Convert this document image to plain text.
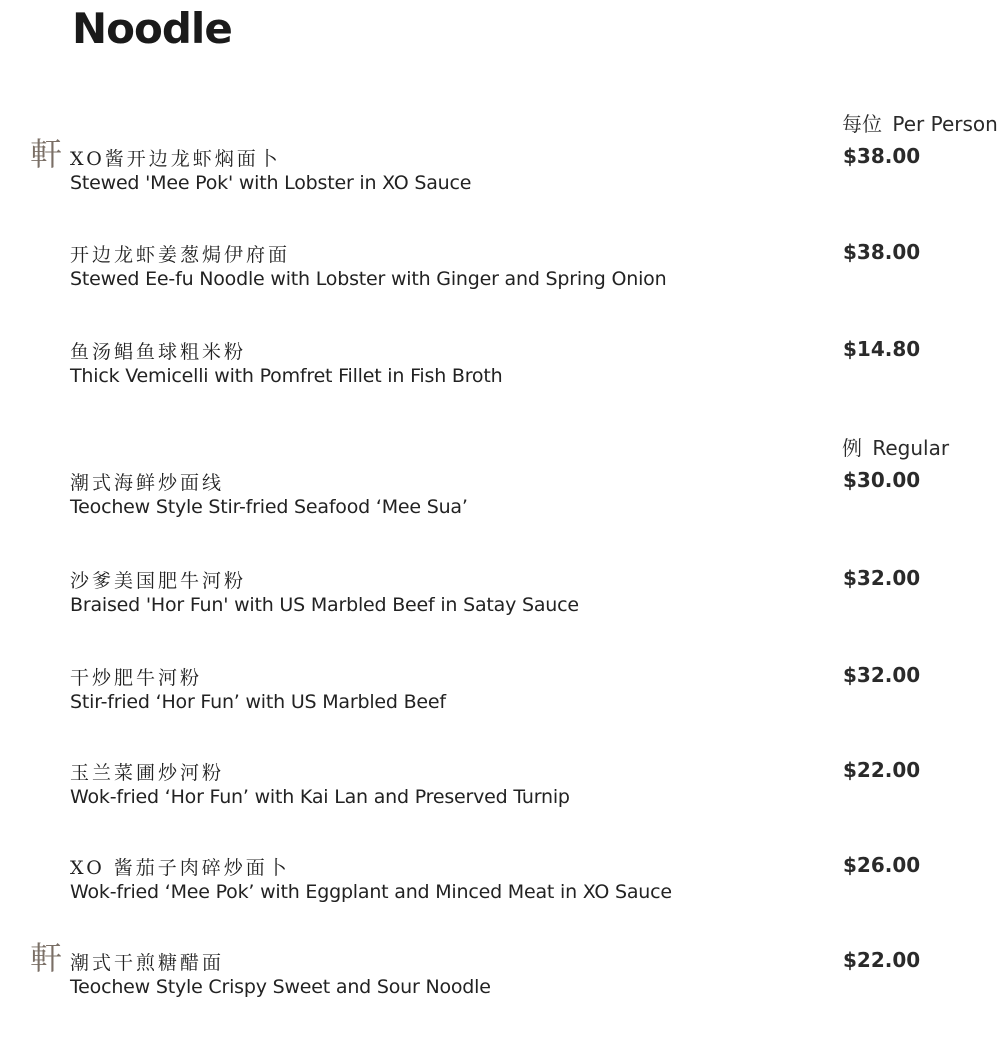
Noodle
每位 Per Person
例 Regular
軒 XO酱开边龙虾焖面卜
Stewed 'Mee Pok' with Lobster in XO Sauce
$38.00
开边龙虾姜葱焗伊府面
Stewed Ee-fu Noodle with Lobster with Ginger and Spring Onion
$38.00
鱼汤鲳鱼球粗米粉
Thick Vemicelli with Pomfret Fillet in Fish Broth
$14.80
潮式海鲜炒面线
Teochew Style Stir-fried Seafood ‘Mee Sua’
$30.00
沙爹美国肥牛河粉
Braised 'Hor Fun' with US Marbled Beef in Satay Sauce
$32.00
干炒肥牛河粉
Stir-fried ‘Hor Fun’ with US Marbled Beef
$32.00
玉兰菜圃炒河粉
Wok-fried ‘Hor Fun’ with Kai Lan and Preserved Turnip
$22.00
XO 酱茄子肉碎炒面卜
Wok-fried ‘Mee Pok’ with Eggplant and Minced Meat in XO Sauce
$26.00
軒 潮式干煎糖醋面
Teochew Style Crispy Sweet and Sour Noodle
$22.00
